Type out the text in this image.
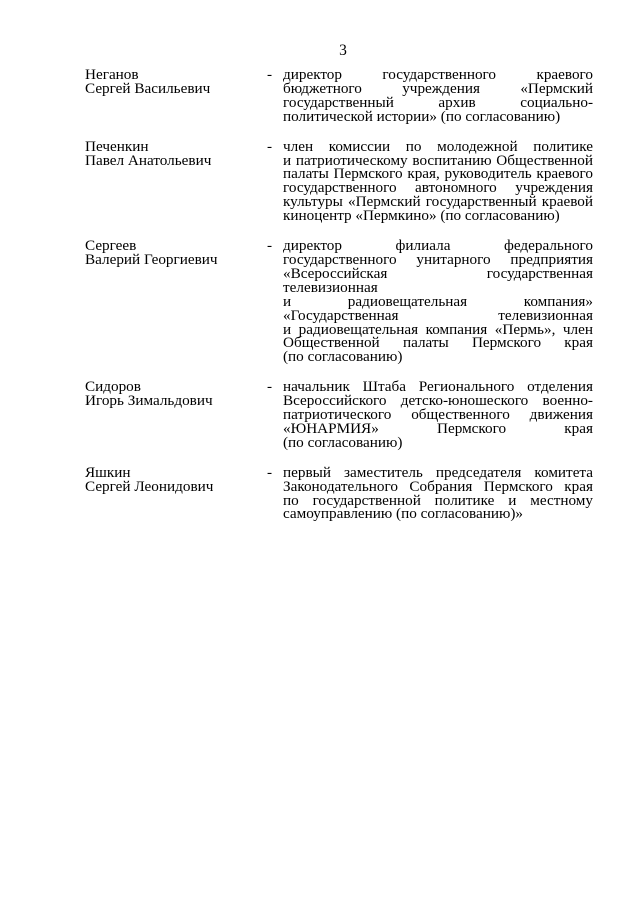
3
Неганов
Сергей Васильевич
- директор государственного краевого
бюджетного учреждения «Пермский
государственный архив социально-
политической истории» (по согласованию)
Печенкин
Павел Анатольевич
- член комиссии по молодежной политике
и патриотическому воспитанию Общественной
палаты Пермского края, руководитель краевого
государственного автономного учреждения
культуры «Пермский государственный краевой
киноцентр «Пермкино» (по согласованию)
Сергеев
Валерий Георгиевич
- директор филиала федерального
государственного унитарного предприятия
«Всероссийская государственная телевизионная
и радиовещательная компания»
«Государственная телевизионная
и радиовещательная компания «Пермь», член
Общественной палаты Пермского края
(по согласованию)
Сидоров
Игорь Зимальдович
- начальник Штаба Регионального отделения
Всероссийского детско-юношеского военно-
патриотического общественного движения
«ЮНАРМИЯ» Пермского края
(по согласованию)
Яшкин
Сергей Леонидович
- первый заместитель председателя комитета
Законодательного Собрания Пермского края
по государственной политике и местному
самоуправлению (по согласованию)»
